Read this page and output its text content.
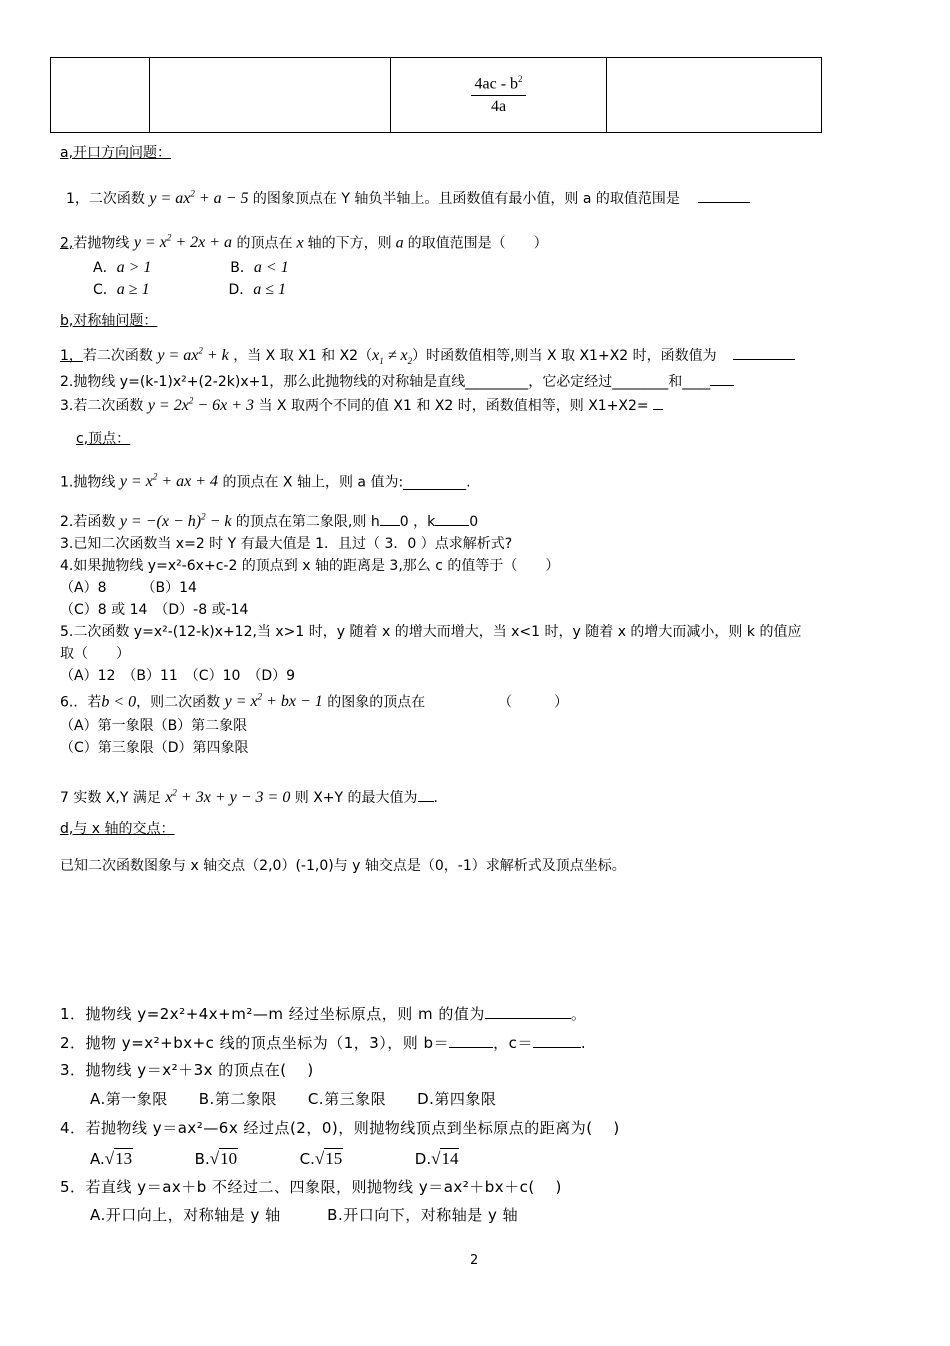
$\frac{4ac - b^2}{4a}$

a,开口方向问题：
1，二次函数 $y = ax^2 + a - 5$ 的图象顶点在 Y 轴负半轴上。且函数值有最小值，则 a 的取值范围是
2,若抛物线 $y = x^2 + 2x + a$ 的顶点在 x 轴的下方，则 a 的取值范围是（　　）
A．a > 1	B．a < 1
C．a ≥ 1	D．a ≤ 1
b,对称轴问题：
1，若二次函数 $y = ax^2 + k$ ，当 X 取 X1 和 $X2(x_1 \ne x_2)$时函数值相等,则当 X 取 X1+X2 时，函数值为
2.抛物线 y=(k-1)x²+(2-2k)x+1，那么此抛物线的对称轴是直线_________，它必定经过________和____
3.若二次函数 $y = 2x^2 - 6x + 3$ 当 X 取两个不同的值 X1 和 X2 时，函数值相等，则 X1+X2=
c,顶点：
1.抛物线 $y = x^2$ + ax + 4 的顶点在 X 轴上，则 a 值为:_________.
2.若函数 $y = -(x - h)^2 - k$ 的顶点在第二象限,则 h 0 ，k 0
3.已知二次函数当 x=2 时 Y 有最大值是 1．且过（ 3．0 ）点求解析式?
4.如果抛物线 y=x²-6x+c-2 的顶点到 x 轴的距离是 3,那么 c 的值等于（　　）
（A）8　　　（B）14
（C）8 或 14　（D）-8 或-14
5.二次函数 y=x²-(12-k)x+12,当 x>1 时，y 随着 x 的增大而增大，当 x<1 时，y 随着 x 的增大而减小，则 k 的值应
取（　　）
（A）12　（B）11　（C）10　（D）9
6.．若b < 0，则二次函数 $y = x^2$ + bx − 1 的图象的顶点在	（　　　）
（A）第一象限（B）第二象限
（C）第三象限（D）第四象限
7 实数 X,Y 满足 $x^2 + 3x + y - 3 = 0$ 则 X+Y 的最大值为 .
d,与 x 轴的交点：
已知二次函数图象与 x 轴交点（2,0）(-1,0)与 y 轴交点是（0，-1）求解析式及顶点坐标。
1．抛物线 y=2x²+4x+m²—m 经过坐标原点，则 m 的值为	。
2．抛物 y=x²+bx+c 线的顶点坐标为（1，3），则 b＝	，c＝	.
3．抛物线 y＝x²＋3x 的顶点在(　 )
A.第一象限　　B.第二象限　　C.第三象限　　D.第四象限
4．若抛物线 y＝ax²—6x 经过点(2，0)，则抛物线顶点到坐标原点的距离为(　 )
A.√13	B.√10	C.√15	D.√14
5．若直线 y＝ax＋b 不经过二、四象限，则抛物线 y＝ax²＋bx＋c(　 )
A.开口向上，对称轴是 y 轴　　　B.开口向下，对称轴是 y 轴
2
